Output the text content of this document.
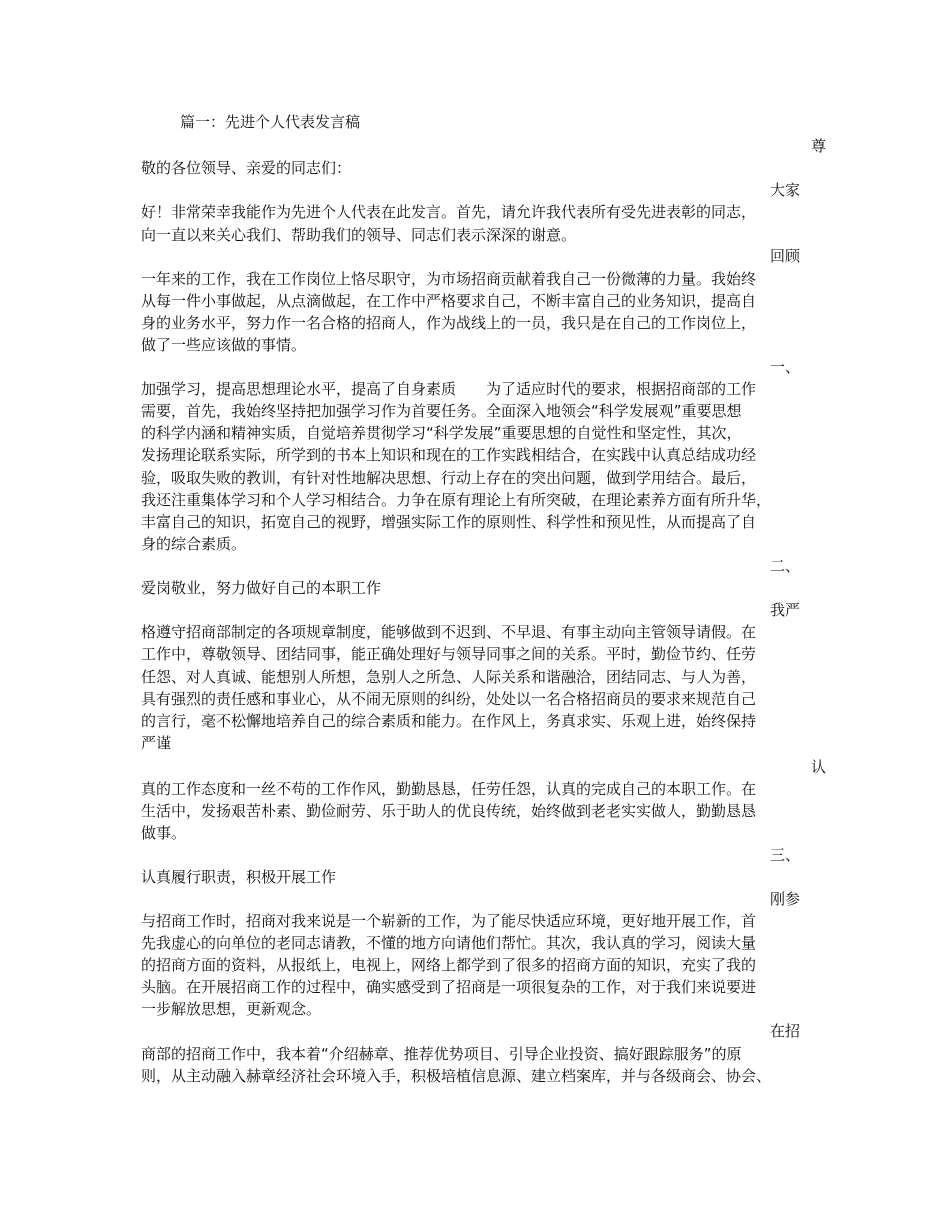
篇一：先进个人代表发言稿
尊
敬的各位领导、亲爱的同志们：
大家
好！非常荣幸我能作为先进个人代表在此发言。首先，请允许我代表所有受先进表彰的同志，
向一直以来关心我们、帮助我们的领导、同志们表示深深的谢意。
回顾
一年来的工作，我在工作岗位上恪尽职守，为市场招商贡献着我自己一份微薄的力量。我始终
从每一件小事做起，从点滴做起，在工作中严格要求自己，不断丰富自己的业务知识，提高自
身的业务水平，努力作一名合格的招商人，作为战线上的一员，我只是在自己的工作岗位上，
做了一些应该做的事情。
一、
加强学习，提高思想理论水平，提高了自身素质　　为了适应时代的要求，根据招商部的工作
需要，首先，我始终坚持把加强学习作为首要任务。全面深入地领会“科学发展观”重要思想
的科学内涵和精神实质，自觉培养贯彻学习“科学发展”重要思想的自觉性和坚定性，其次，
发扬理论联系实际，所学到的书本上知识和现在的工作实践相结合，在实践中认真总结成功经
验，吸取失败的教训，有针对性地解决思想、行动上存在的突出问题，做到学用结合。最后，
我还注重集体学习和个人学习相结合。力争在原有理论上有所突破，在理论素养方面有所升华，
丰富自己的知识，拓宽自己的视野，增强实际工作的原则性、科学性和预见性，从而提高了自
身的综合素质。
二、
爱岗敬业，努力做好自己的本职工作
我严
格遵守招商部制定的各项规章制度，能够做到不迟到、不早退、有事主动向主管领导请假。在
工作中，尊敬领导、团结同事，能正确处理好与领导同事之间的关系。平时，勤俭节约、任劳
任怨、对人真诚、能想别人所想，急别人之所急、人际关系和谐融洽，团结同志、与人为善，
具有强烈的责任感和事业心，从不闹无原则的纠纷，处处以一名合格招商员的要求来规范自己
的言行，毫不松懈地培养自己的综合素质和能力。在作风上，务真求实、乐观上进，始终保持
严谨
认
真的工作态度和一丝不苟的工作作风，勤勤恳恳，任劳任怨，认真的完成自己的本职工作。在
生活中，发扬艰苦朴素、勤俭耐劳、乐于助人的优良传统，始终做到老老实实做人，勤勤恳恳
做事。
三、
认真履行职责，积极开展工作
刚参
与招商工作时，招商对我来说是一个崭新的工作，为了能尽快适应环境，更好地开展工作，首
先我虚心的向单位的老同志请教，不懂的地方向请他们帮忙。其次，我认真的学习，阅读大量
的招商方面的资料，从报纸上，电视上，网络上都学到了很多的招商方面的知识，充实了我的
头脑。在开展招商工作的过程中，确实感受到了招商是一项很复杂的工作，对于我们来说要进
一步解放思想，更新观念。
在招
商部的招商工作中，我本着“介绍赫章、推荐优势项目、引导企业投资、搞好跟踪服务”的原
则，从主动融入赫章经济社会环境入手，积极培植信息源、建立档案库，并与各级商会、协会、
